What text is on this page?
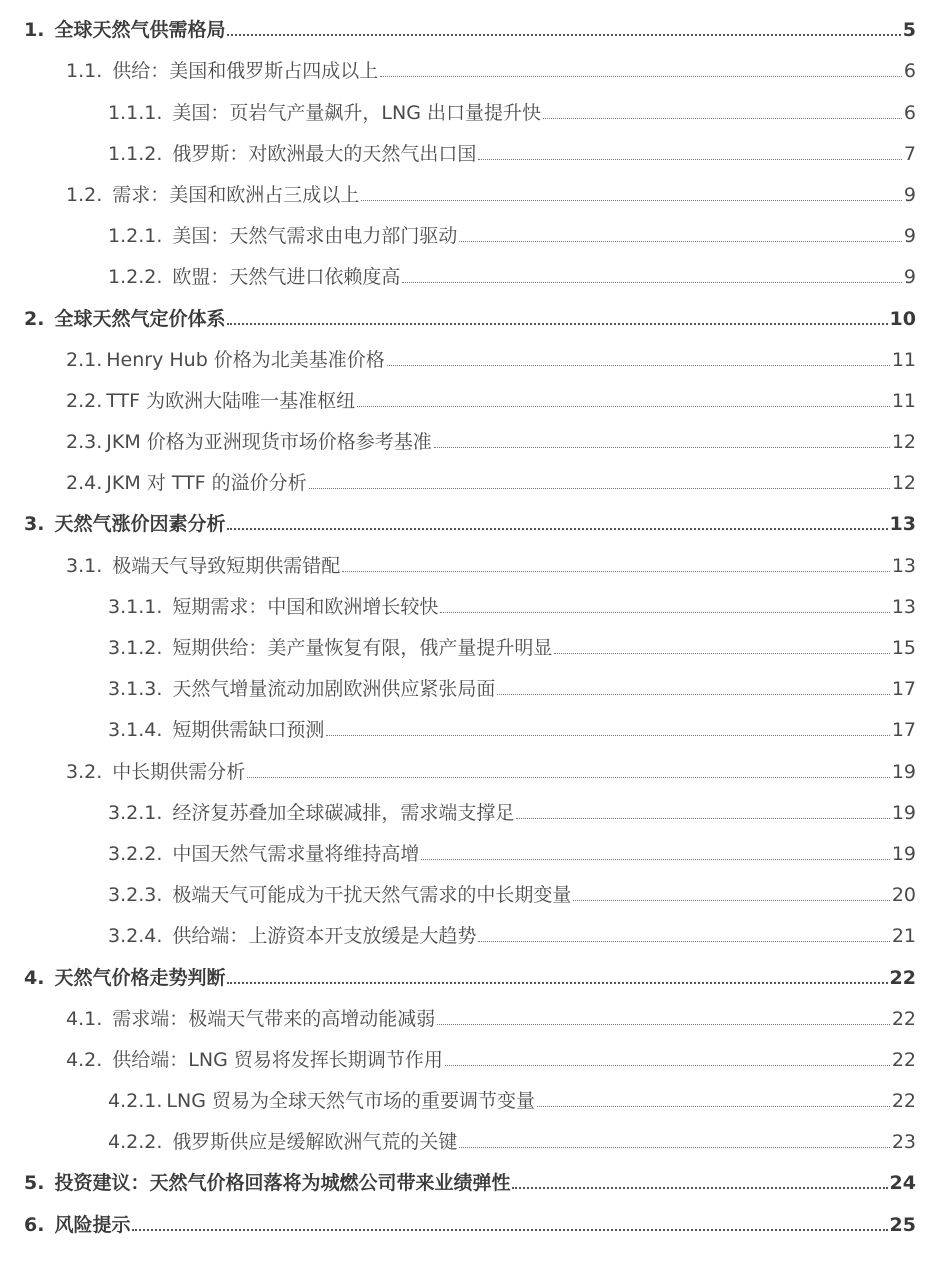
1. 全球天然气供需格局	5
1.1. 供给：美国和俄罗斯占四成以上	6
1.1.1. 美国：页岩气产量飙升，LNG 出口量提升快	6
1.1.2. 俄罗斯：对欧洲最大的天然气出口国	7
1.2. 需求：美国和欧洲占三成以上	9
1.2.1. 美国：天然气需求由电力部门驱动	9
1.2.2. 欧盟：天然气进口依赖度高	9
2. 全球天然气定价体系	10
2.1. Henry Hub 价格为北美基准价格	11
2.2. TTF 为欧洲大陆唯一基准枢纽	11
2.3. JKM 价格为亚洲现货市场价格参考基准	12
2.4. JKM 对 TTF 的溢价分析	12
3. 天然气涨价因素分析	13
3.1. 极端天气导致短期供需错配	13
3.1.1. 短期需求：中国和欧洲增长较快	13
3.1.2. 短期供给：美产量恢复有限，俄产量提升明显	15
3.1.3. 天然气增量流动加剧欧洲供应紧张局面	17
3.1.4. 短期供需缺口预测	17
3.2. 中长期供需分析	19
3.2.1. 经济复苏叠加全球碳减排，需求端支撑足	19
3.2.2. 中国天然气需求量将维持高增	19
3.2.3. 极端天气可能成为干扰天然气需求的中长期变量	20
3.2.4. 供给端：上游资本开支放缓是大趋势	21
4. 天然气价格走势判断	22
4.1. 需求端：极端天气带来的高增动能减弱	22
4.2. 供给端：LNG 贸易将发挥长期调节作用	22
4.2.1. LNG 贸易为全球天然气市场的重要调节变量	22
4.2.2. 俄罗斯供应是缓解欧洲气荒的关键	23
5. 投资建议：天然气价格回落将为城燃公司带来业绩弹性	24
6. 风险提示	25
